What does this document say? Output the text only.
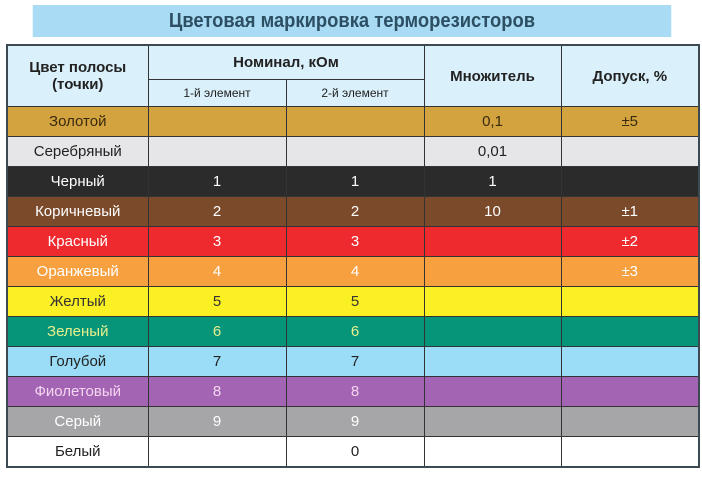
Цветовая маркировка терморезисторов
Цвет полосы (точки)	Номинал, кОм		Множитель	Допуск, %
	1-й элемент	2-й элемент		
Золотой			0,1	±5
Серебряный			0,01	
Черный	1	1	1	
Коричневый	2	2	10	±1
Красный	3	3		±2
Оранжевый	4	4		±3
Желтый	5	5		
Зеленый	6	6		
Голубой	7	7		
Фиолетовый	8	8		
Серый	9	9		
Белый		0		
